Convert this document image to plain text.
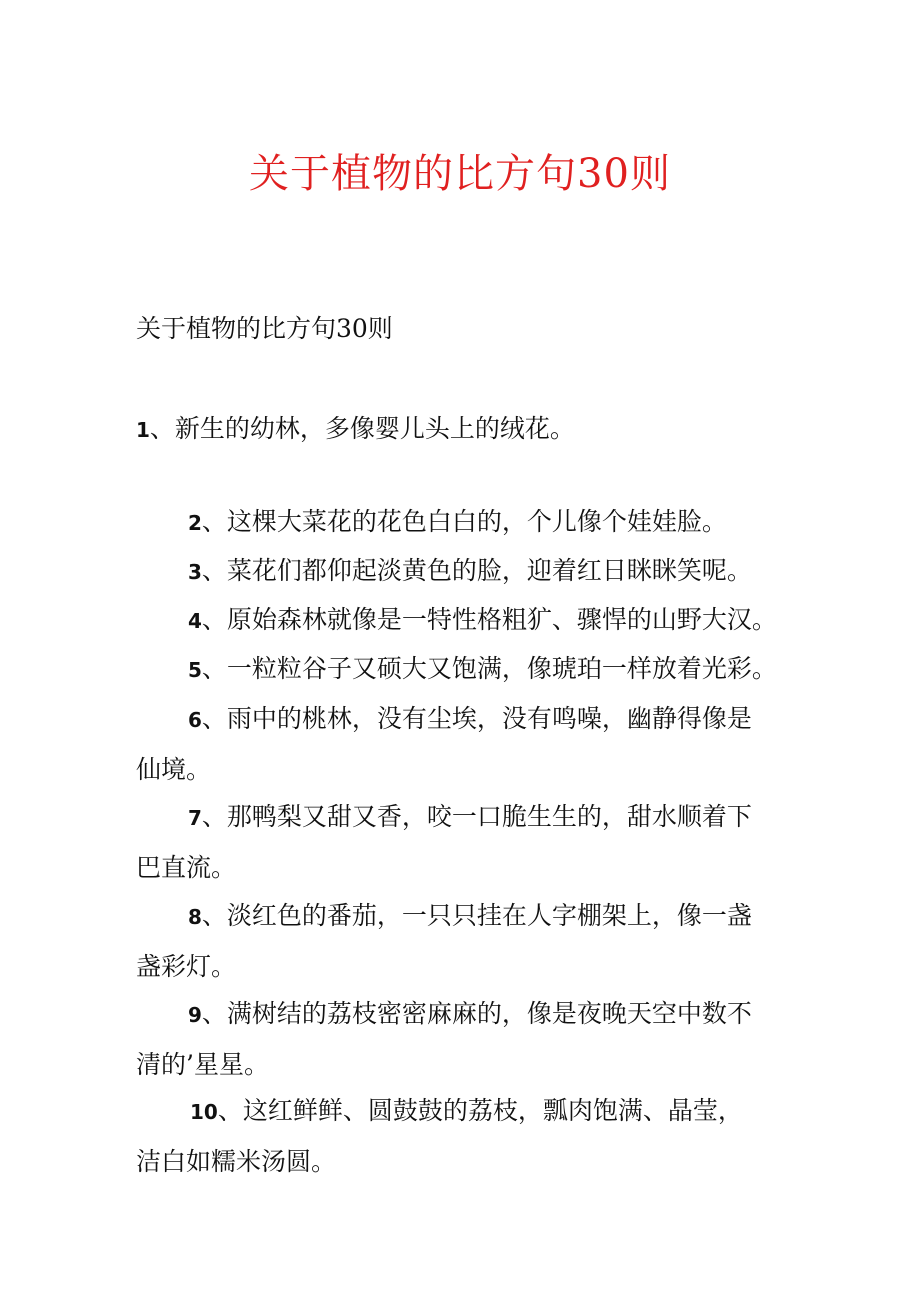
关于植物的比方句30则

关于植物的比方句30则

1、新生的幼林，多像婴儿头上的绒花。

2、这棵大菜花的花色白白的，个儿像个娃娃脸。

3、菜花们都仰起淡黄色的脸，迎着红日眯眯笑呢。

4、原始森林就像是一特性格粗犷、骤悍的山野大汉。

5、一粒粒谷子又硕大又饱满，像琥珀一样放着光彩。

6、雨中的桃林，没有尘埃，没有鸣噪，幽静得像是
仙境。

7、那鸭梨又甜又香，咬一口脆生生的，甜水顺着下
巴直流。

8、淡红色的番茄，一只只挂在人字棚架上，像一盏
盏彩灯。

9、满树结的荔枝密密麻麻的，像是夜晚天空中数不
清的’星星。

10、这红鲜鲜、圆鼓鼓的荔枝，瓢肉饱满、晶莹，
洁白如糯米汤圆。
